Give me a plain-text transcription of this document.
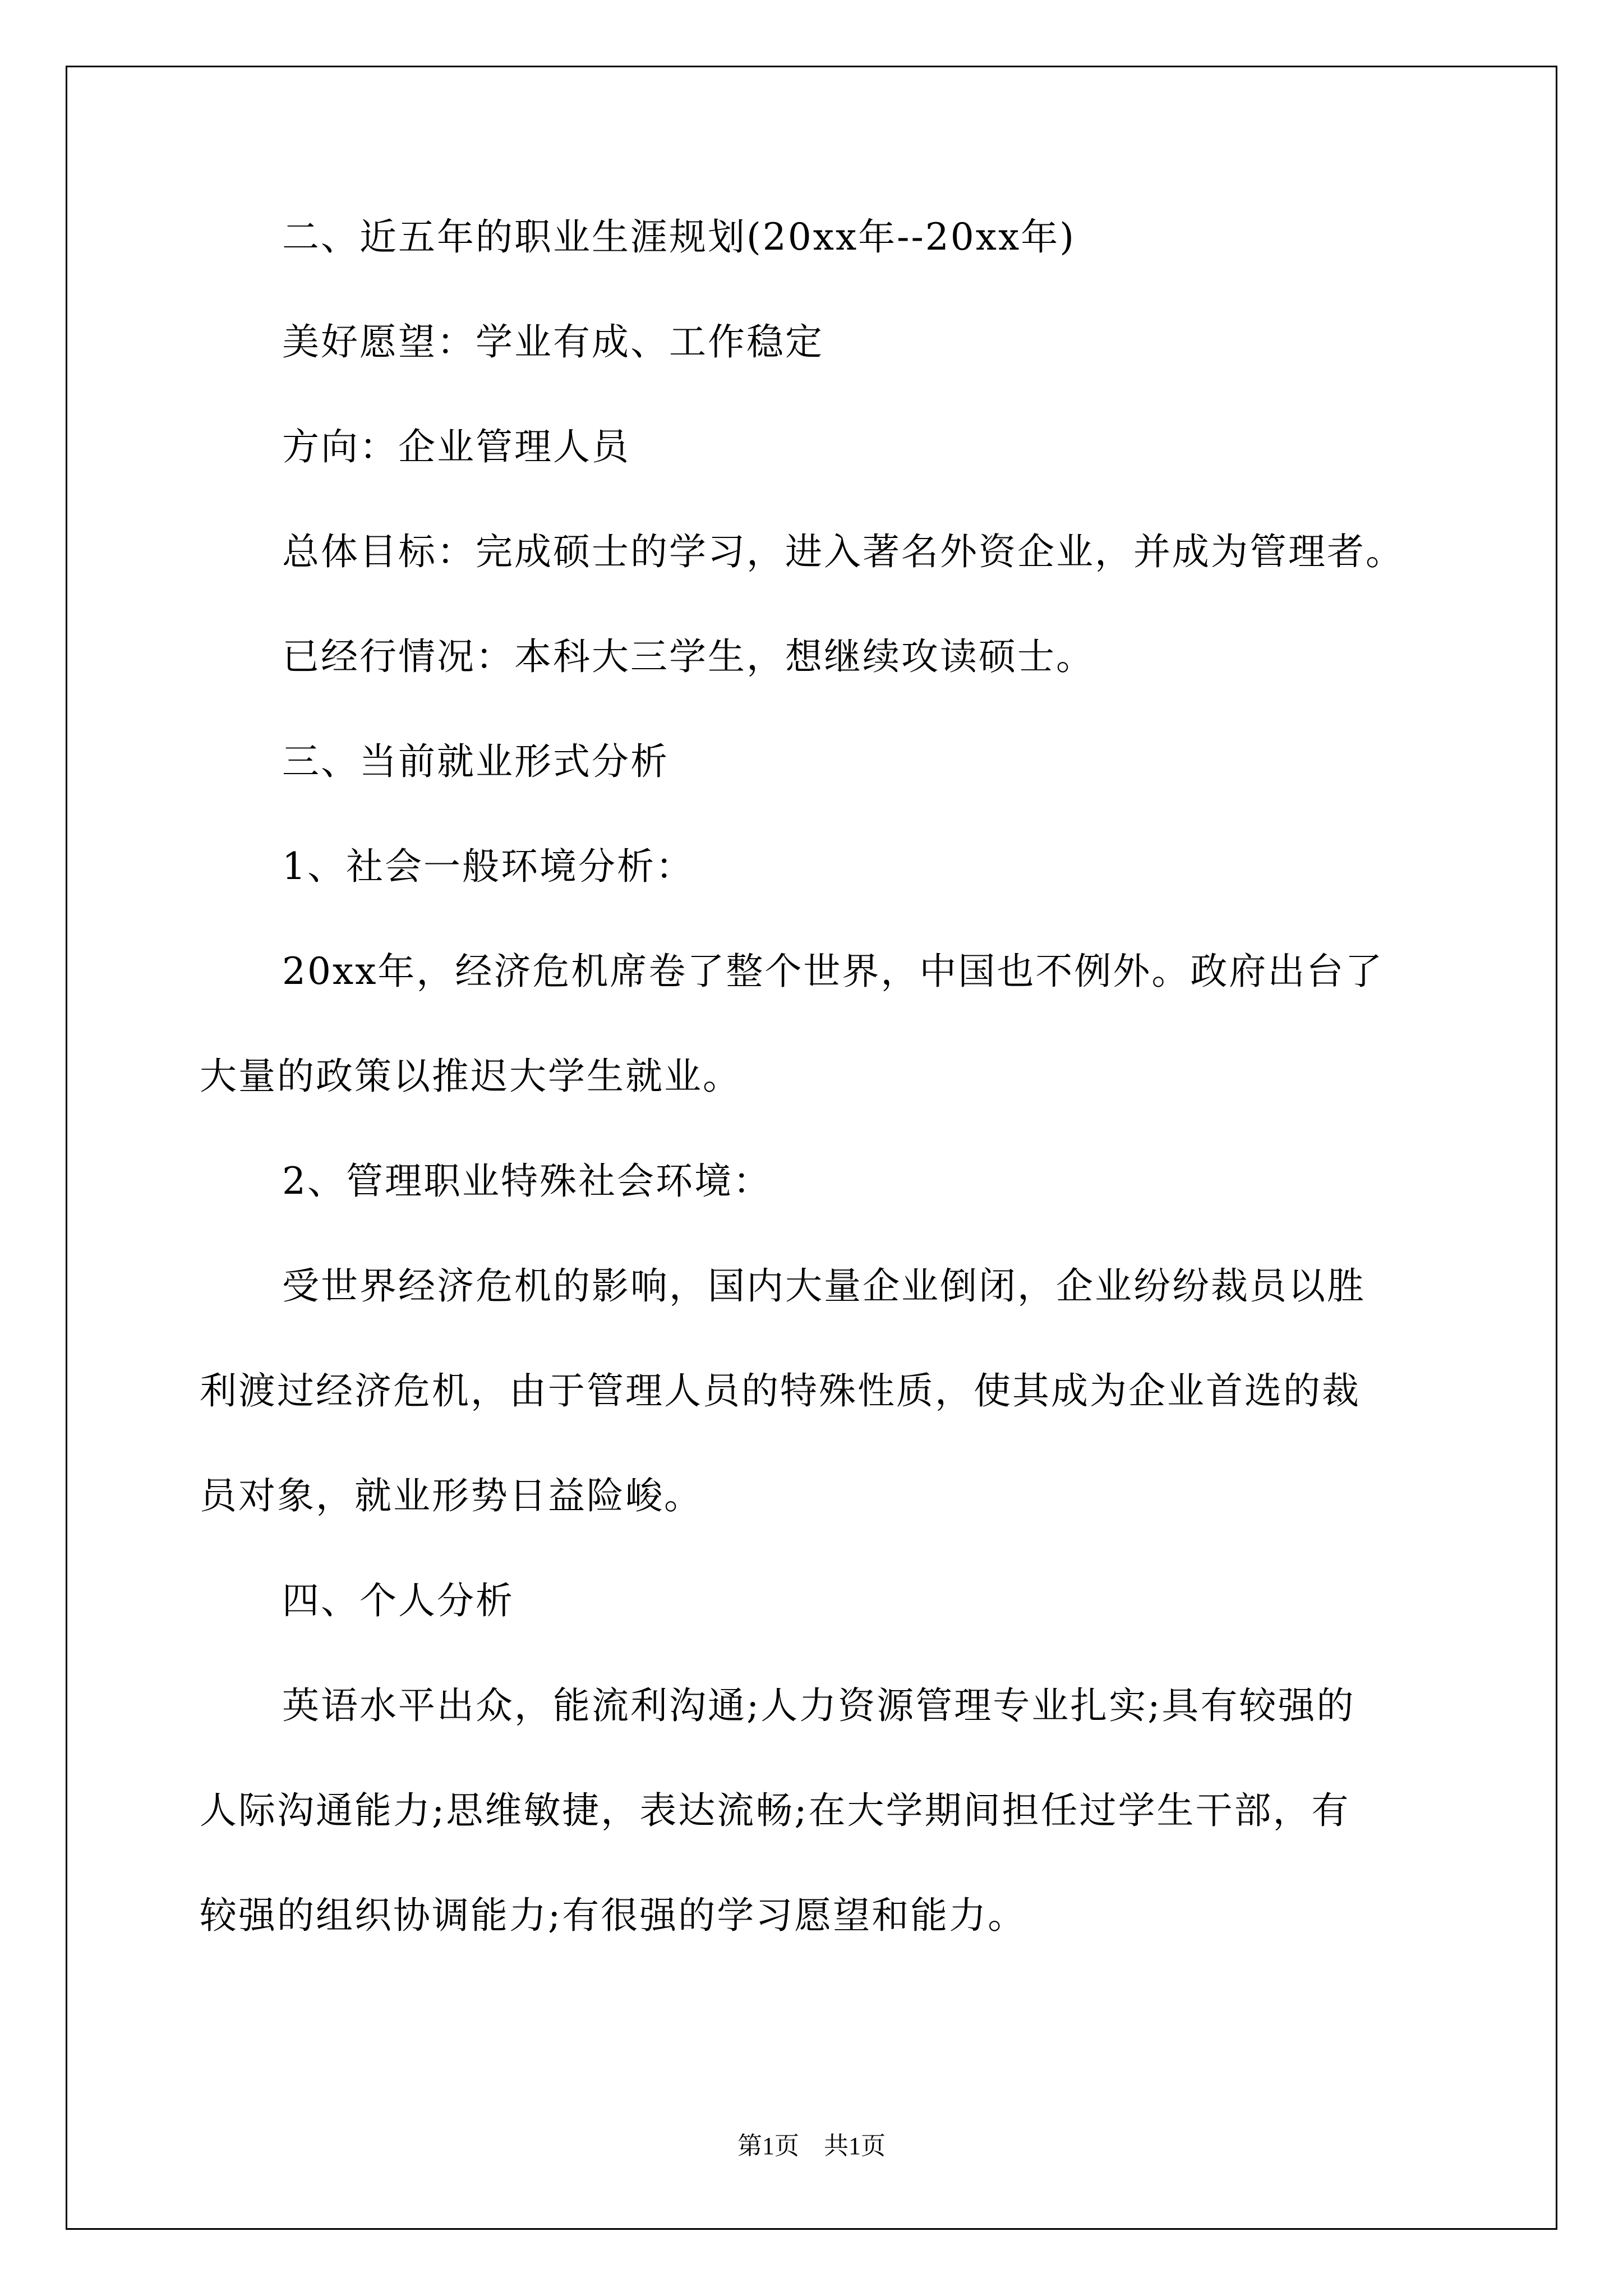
二、近五年的职业生涯规划(20xx年--20xx年)
美好愿望：学业有成、工作稳定
方向：企业管理人员
总体目标：完成硕士的学习，进入著名外资企业，并成为管理者。
已经行情况：本科大三学生，想继续攻读硕士。
三、当前就业形式分析
1、社会一般环境分析：
20xx年，经济危机席卷了整个世界，中国也不例外。政府出台了
大量的政策以推迟大学生就业。
2、管理职业特殊社会环境：
受世界经济危机的影响，国内大量企业倒闭，企业纷纷裁员以胜
利渡过经济危机，由于管理人员的特殊性质，使其成为企业首选的裁
员对象，就业形势日益险峻。
四、个人分析
英语水平出众，能流利沟通;人力资源管理专业扎实;具有较强的
人际沟通能力;思维敏捷，表达流畅;在大学期间担任过学生干部，有
较强的组织协调能力;有很强的学习愿望和能力。
第1页　共1页
